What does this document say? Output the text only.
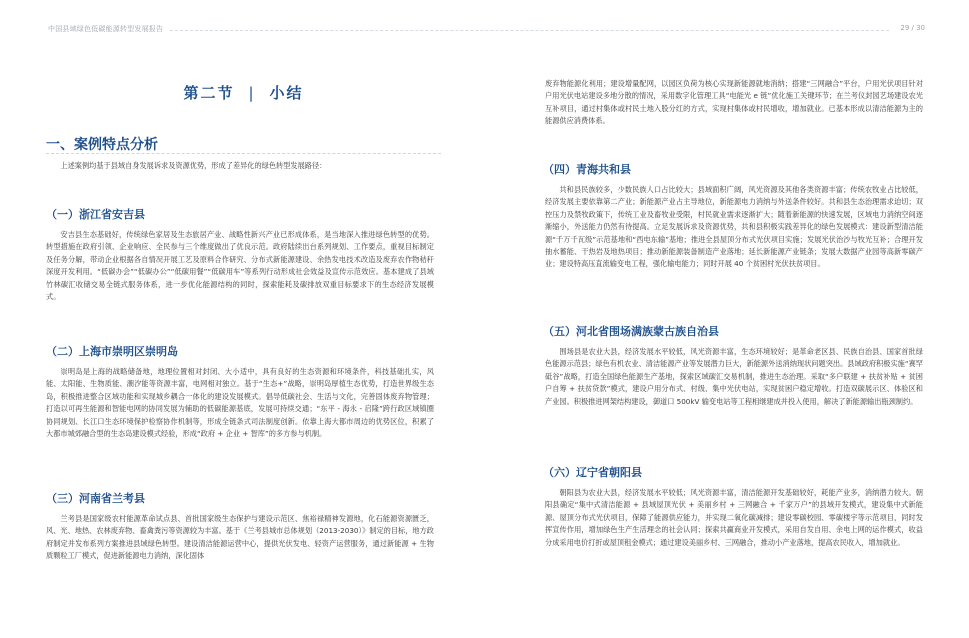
中国县域绿色低碳能源转型发展报告	29 / 30
第二节 | 小结
一、案例特点分析
上述案例均基于县域自身发展诉求及资源优势，形成了差异化的绿色转型发展路径：
（一）浙江省安吉县
安吉县生态基础好，传统绿色家居及生态旅居产业、战略性新兴产业已形成体系，是当地深入推进绿色转型的优势。转型措施在政府引领、企业响应、全民参与三个维度做出了优良示范。政府陆续出台系列规划、工作要点，重视目标制定及任务分解，带动企业根据各自情况开展工艺及原料合作研究、分布式新能源建设、余热发电技术改造及废弃农作物秸秆深度开发利用。“低碳办会”“低碳办公”“低碳用餐”“低碳用车”等系列行动形成社会效益及宣传示范效应。基本建成了县域竹林碳汇收储交易全链式服务体系，进一步优化能源结构的同时，探索能耗及碳排放双重目标要求下的生态经济发展模式。
（二）上海市崇明区崇明岛
崇明岛是上海的战略储备地，地理位置相对封闭、大小适中，具有良好的生态资源和环境条件，科技基础扎实，风能、太阳能、生物质能、潮汐能等资源丰富，电网相对独立。基于“生态+”战略，崇明岛厚植生态优势，打造世界级生态岛，积极推进整合区域功能和实现城乡耦合一体化的建设发展模式。倡导低碳社会、生活与文化，完善固体废弃物管理；打造以可再生能源和智能电网的协同发展为辅助的低碳能源基底，发展可持续交通；“东平 - 海永 - 启隆”跨行政区域镇圈协同规划、长江口生态环境保护检察协作机制等，形成全链条式司法制度创新。依靠上海大都市周边的优势区位，积累了大都市城郊融合型的生态岛建设模式经验，形成“政府 + 企业 + 智库”的多方参与机制。
（三）河南省兰考县
兰考县是国家级农村能源革命试点县、首批国家级生态保护与建设示范区、焦裕禄精神发源地，化石能源资源匮乏，风、光、地热、农林废弃物、畜禽粪污等资源较为丰富。基于《兰考县城市总体规划（2013-2030）》制定的目标，地方政府制定并发布系列方案推进县域绿色转型。建设清洁能源运营中心，提供光伏发电、轻资产运营服务，通过新能源 + 生物质颗粒工厂模式，促进新能源电力消纳，深化固体
废弃物能源化利用；建设增量配网，以园区负荷为核心实现新能源就地消纳；搭建“三网融合”平台，户用光伏项目针对户用光伏电站建设多地分散的情况，采用数字化管理工具“电能光 e 链”优化施工关键环节；在兰考仪封园艺场建设农光互补项目，通过村集体或村民土地入股分红的方式，实现村集体或村民增收，增加就业。已基本形成以清洁能源为主的能源供应消费体系。
（四）青海共和县
共和县民族较多，少数民族人口占比较大；县域面积广阔，风光资源及其他各类资源丰富；传统农牧业占比较低，经济发展主要依靠第二产业；新能源产业占主导地位，新能源电力消纳与外送条件较好。共和县生态治理需求迫切；双控压力及禁牧政策下，传统工业及畜牧业受限，村民就业需求逐渐扩大；随着新能源的快速发展，区域电力消纳空间逐渐缩小，外送能力仍然有待提高。立足发展诉求及资源优势，共和县积极实践差异化的绿色发展模式：建设新型清洁能源“千万千瓦级”示范基地和“西电东输”基地；推进全县屋顶分布式光伏项目实施；发展光伏治沙与牧光互补；合理开发抽水蓄能、干热岩及地热项目；推动新能源装备制造产业落地；延长新能源产业链条；发展大数据产业园等高新零碳产业；建设特高压直流输变电工程，强化输电能力；同时开展 40 个贫困村光伏扶贫项目。
（五）河北省围场满族蒙古族自治县
围场县是农业大县，经济发展水平较低，风光资源丰富，生态环境较好；是革命老区县、民族自治县、国家首批绿色能源示范县；绿色有机农业、清洁能源产业等发展潜力巨大，新能源外送消纳现状问题突出。县域政府积极实施“赛罕砥谷”战略，打造全国绿色能源生产基地，探索区域碳汇交易机制，推进生态治理。采取“多户联建 + 扶贫补贴 + 贫困户自筹 + 扶贫贷款”模式，建设户用分布式、村级、集中光伏电站，实现贫困户稳定增收。打造双碳展示区、体验区和产业园。积极推进网架结构建设，御道口 500kV 输变电站等工程相继建成并投入使用，解决了新能源输出瓶颈制约。
（六）辽宁省朝阳县
朝阳县为农业大县，经济发展水平较低；风光资源丰富，清洁能源开发基础较好，耗能产业多，消纳潜力较大。朝阳县确定“集中式清洁能源 + 县域屋顶光伏 + 美丽乡村 + 三网融合 + 千家万户”的县域开发模式，建设集中式新能源、屋顶分布式光伏项目，保障了能源供应能力，并实现二氧化碳减排；建设零碳校园、零碳楼宇等示范项目，同时发挥宣传作用，增加绿色生产生活理念的社会认同；探索共赢商业开发模式，采用自发自用、余电上网的运作模式，收益分成采用电价打折或屋顶租金模式；通过建设美丽乡村、三网融合，推动小产业落地，提高农民收入，增加就业。
